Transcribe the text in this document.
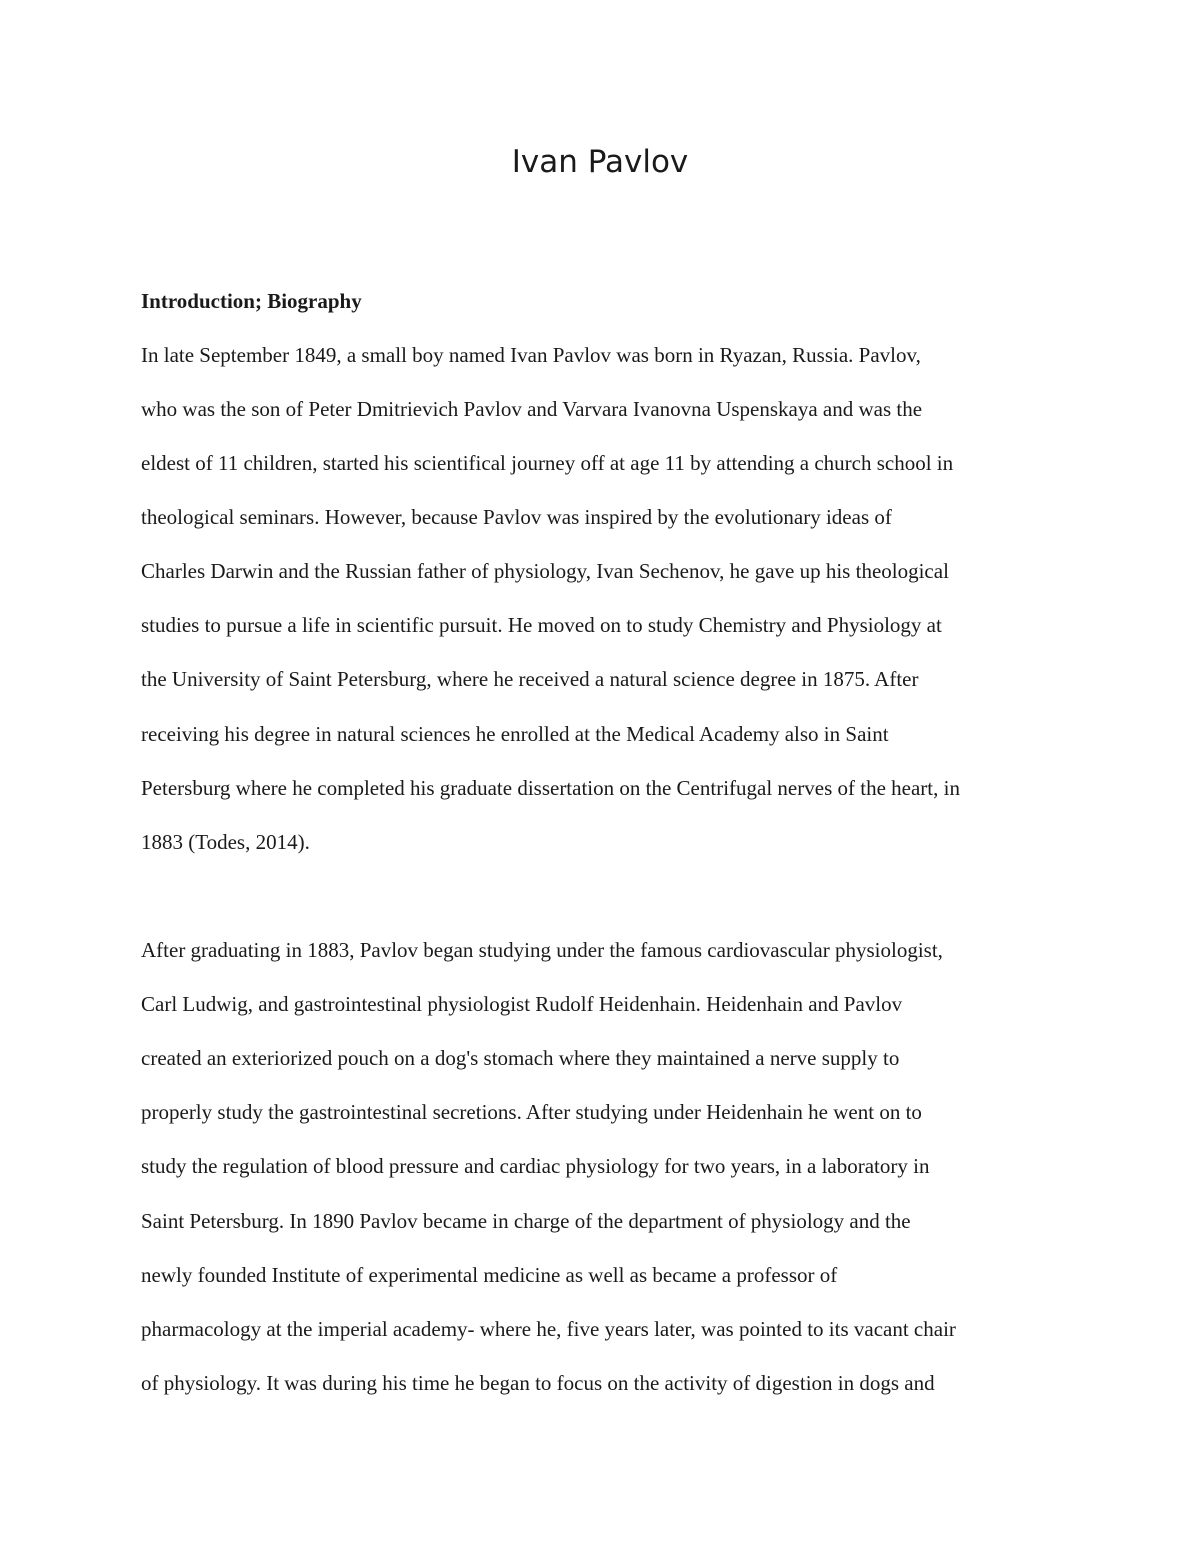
Ivan Pavlov
Introduction; Biography
In late September 1849, a small boy named Ivan Pavlov was born in Ryazan, Russia. Pavlov,
who was the son of Peter Dmitrievich Pavlov and Varvara Ivanovna Uspenskaya and was the
eldest of 11 children, started his scientifical journey off at age 11 by attending a church school in
theological seminars. However, because Pavlov was inspired by the evolutionary ideas of
Charles Darwin and the Russian father of physiology, Ivan Sechenov, he gave up his theological
studies to pursue a life in scientific pursuit. He moved on to study Chemistry and Physiology at
the University of Saint Petersburg, where he received a natural science degree in 1875. After
receiving his degree in natural sciences he enrolled at the Medical Academy also in Saint
Petersburg where he completed his graduate dissertation on the Centrifugal nerves of the heart, in
1883 (Todes, 2014).
After graduating in 1883, Pavlov began studying under the famous cardiovascular physiologist,
Carl Ludwig, and gastrointestinal physiologist Rudolf Heidenhain. Heidenhain and Pavlov
created an exteriorized pouch on a dog's stomach where they maintained a nerve supply to
properly study the gastrointestinal secretions. After studying under Heidenhain he went on to
study the regulation of blood pressure and cardiac physiology for two years, in a laboratory in
Saint Petersburg. In 1890 Pavlov became in charge of the department of physiology and the
newly founded Institute of experimental medicine as well as became a professor of
pharmacology at the imperial academy- where he, five years later, was pointed to its vacant chair
of physiology. It was during his time he began to focus on the activity of digestion in dogs and
